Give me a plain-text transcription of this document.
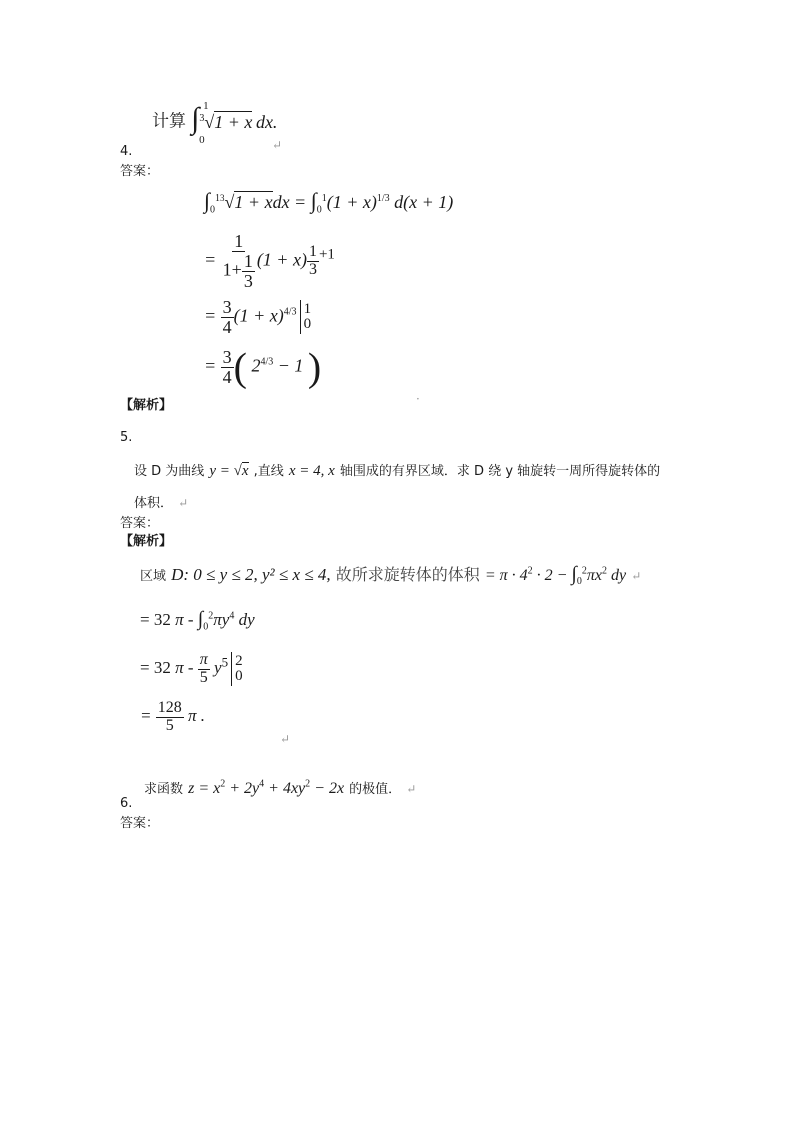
计算 ∫ 1
0
$^3$√1 + x dx.
↵
4.
答案：
$\int_0^{13}√1$ + xdx = $\int_0^1(1 + x)^{1/3}$ d(x + 1)
= $\frac{1}{1+ \frac{1}{3}} (1 + x) \frac{1}{3} ^{+1}$
= $\frac{3}{4} (1 + x)^{4/3}$ 1
0
= $\frac{3}{4}$ ( $2^{4/3} - 1$ )
【解析】	·
5.
设 D 为曲线 y = √x ,直线 x = 4, x 轴围成的有界区域．求 D 绕 y 轴旋转一周所得旋转体的
体积． ↵
答案：
【解析】
区域 D: 0 ≤ y ≤ 2, y² ≤ x ≤ 4, 故所求旋转体的体积 = $\pi \cdot 4^2 \cdot 2 - \int_0^2\pi x^2$ dy ↵
= 32 π - $\int_0^2\pi y^4$ dy
= 32 π - $\frac{\pi}{5} y^5$ 2
0
= $\frac{128}{5}$ π .
↵
求函数 $z = x^2 + 2y^4 + 4xy^2 - 2x$ 的极值． ↵
6.
答案：
